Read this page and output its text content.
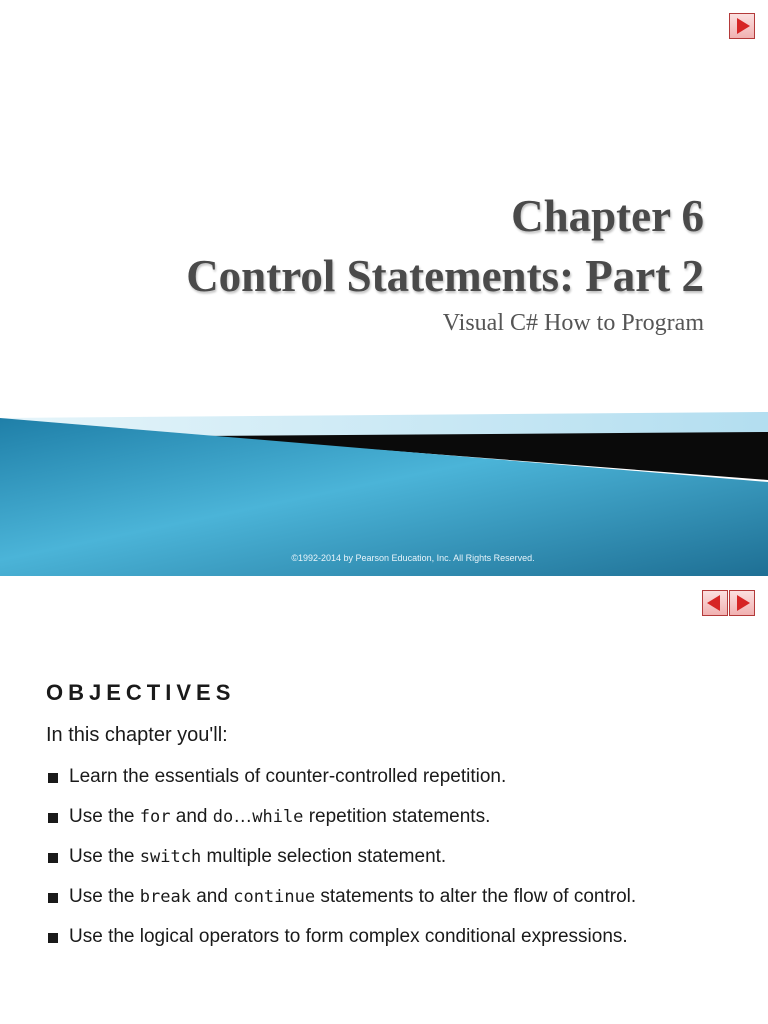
Chapter 6
Control Statements: Part 2
Visual C# How to Program
©1992-2014 by Pearson Education, Inc. All Rights Reserved.
OBJECTIVES
In this chapter you'll:
Learn the essentials of counter-controlled repetition.
Use the for and do…while repetition statements.
Use the switch multiple selection statement.
Use the break and continue statements to alter the flow of control.
Use the logical operators to form complex conditional expressions.
